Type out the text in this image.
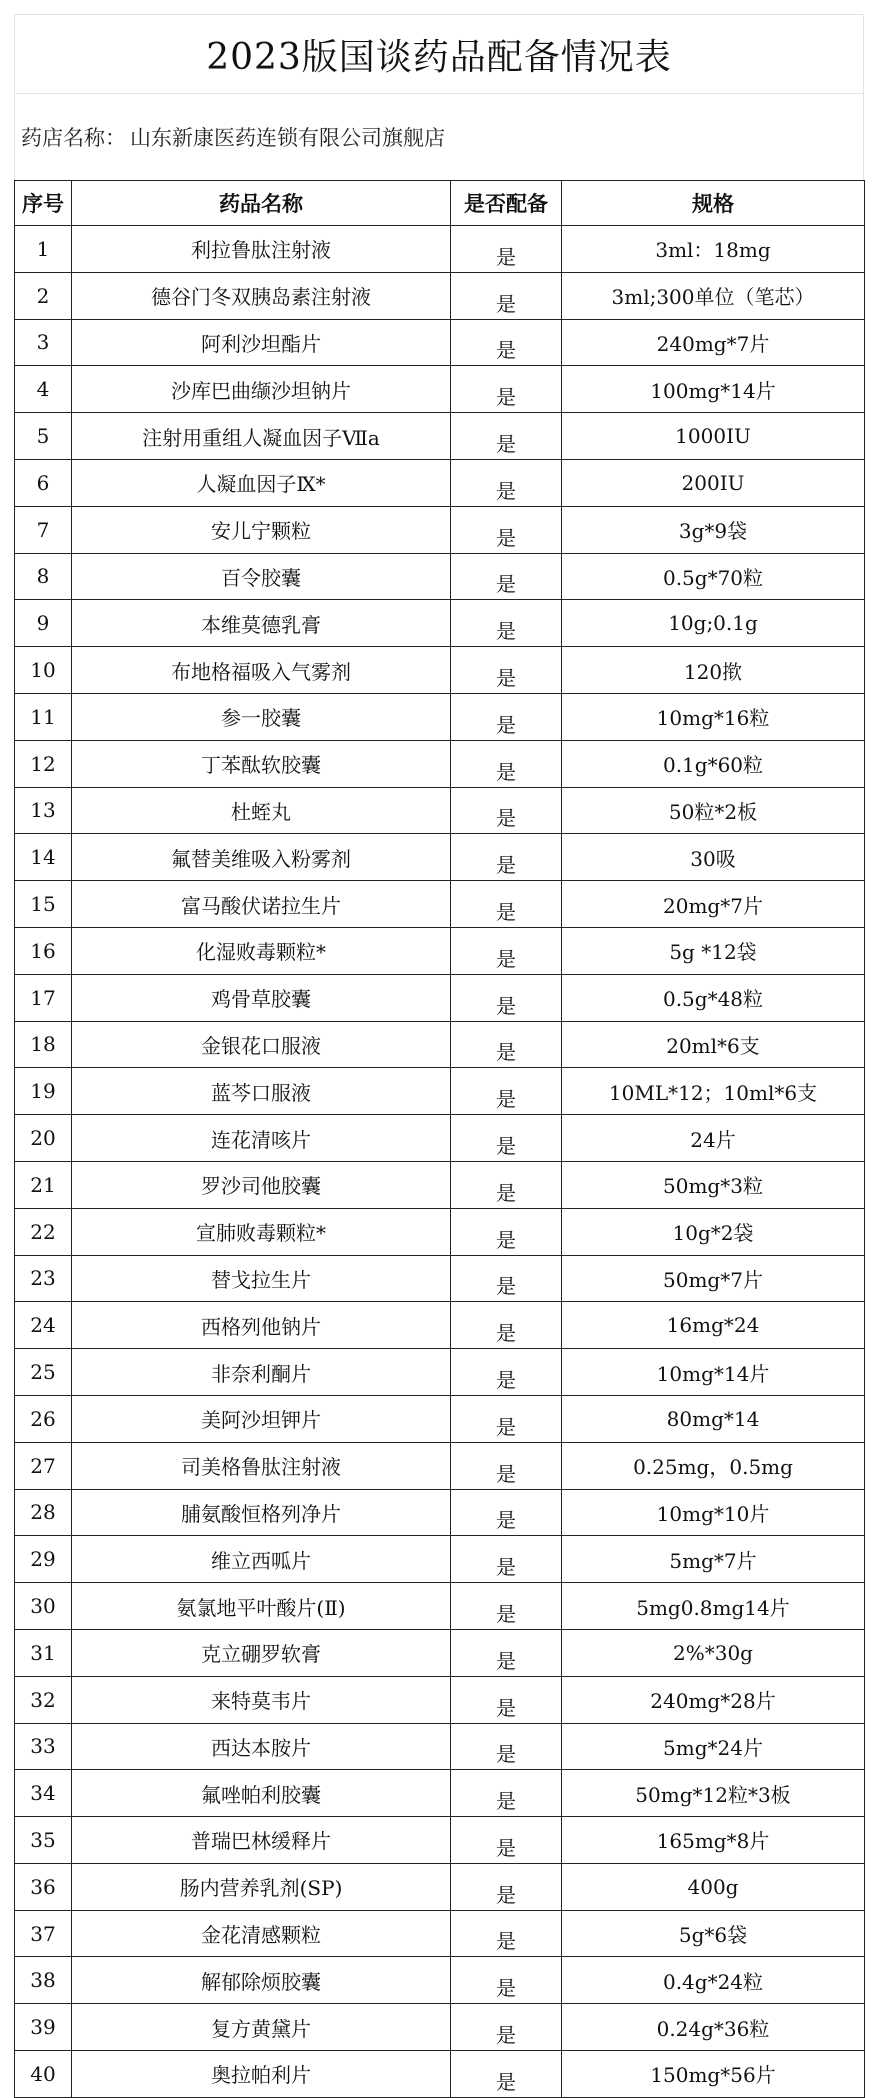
2023版国谈药品配备情况表
药店名称： 山东新康医药连锁有限公司旗舰店
序号	药品名称	是否配备	规格
1	利拉鲁肽注射液	是	3ml：18mg
2	德谷门冬双胰岛素注射液	是	3ml;300单位（笔芯）
3	阿利沙坦酯片	是	240mg*7片
4	沙库巴曲缬沙坦钠片	是	100mg*14片
5	注射用重组人凝血因子Ⅶa	是	1000IU
6	人凝血因子Ⅸ*	是	200IU
7	安儿宁颗粒	是	3g*9袋
8	百令胶囊	是	0.5g*70粒
9	本维莫德乳膏	是	10g;0.1g
10	布地格福吸入气雾剂	是	120揿
11	参一胶囊	是	10mg*16粒
12	丁苯酞软胶囊	是	0.1g*60粒
13	杜蛭丸	是	50粒*2板
14	氟替美维吸入粉雾剂	是	30吸
15	富马酸伏诺拉生片	是	20mg*7片
16	化湿败毒颗粒*	是	5g *12袋
17	鸡骨草胶囊	是	0.5g*48粒
18	金银花口服液	是	20ml*6支
19	蓝芩口服液	是	10ML*12；10ml*6支
20	连花清咳片	是	24片
21	罗沙司他胶囊	是	50mg*3粒
22	宣肺败毒颗粒*	是	10g*2袋
23	替戈拉生片	是	50mg*7片
24	西格列他钠片	是	16mg*24
25	非奈利酮片	是	10mg*14片
26	美阿沙坦钾片	是	80mg*14
27	司美格鲁肽注射液	是	0.25mg，0.5mg
28	脯氨酸恒格列净片	是	10mg*10片
29	维立西呱片	是	5mg*7片
30	氨氯地平叶酸片(Ⅱ)	是	5mg0.8mg14片
31	克立硼罗软膏	是	2%*30g
32	来特莫韦片	是	240mg*28片
33	西达本胺片	是	5mg*24片
34	氟唑帕利胶囊	是	50mg*12粒*3板
35	普瑞巴林缓释片	是	165mg*8片
36	肠内营养乳剂(SP)	是	400g
37	金花清感颗粒	是	5g*6袋
38	解郁除烦胶囊	是	0.4g*24粒
39	复方黄黛片	是	0.24g*36粒
40	奥拉帕利片	是	150mg*56片
